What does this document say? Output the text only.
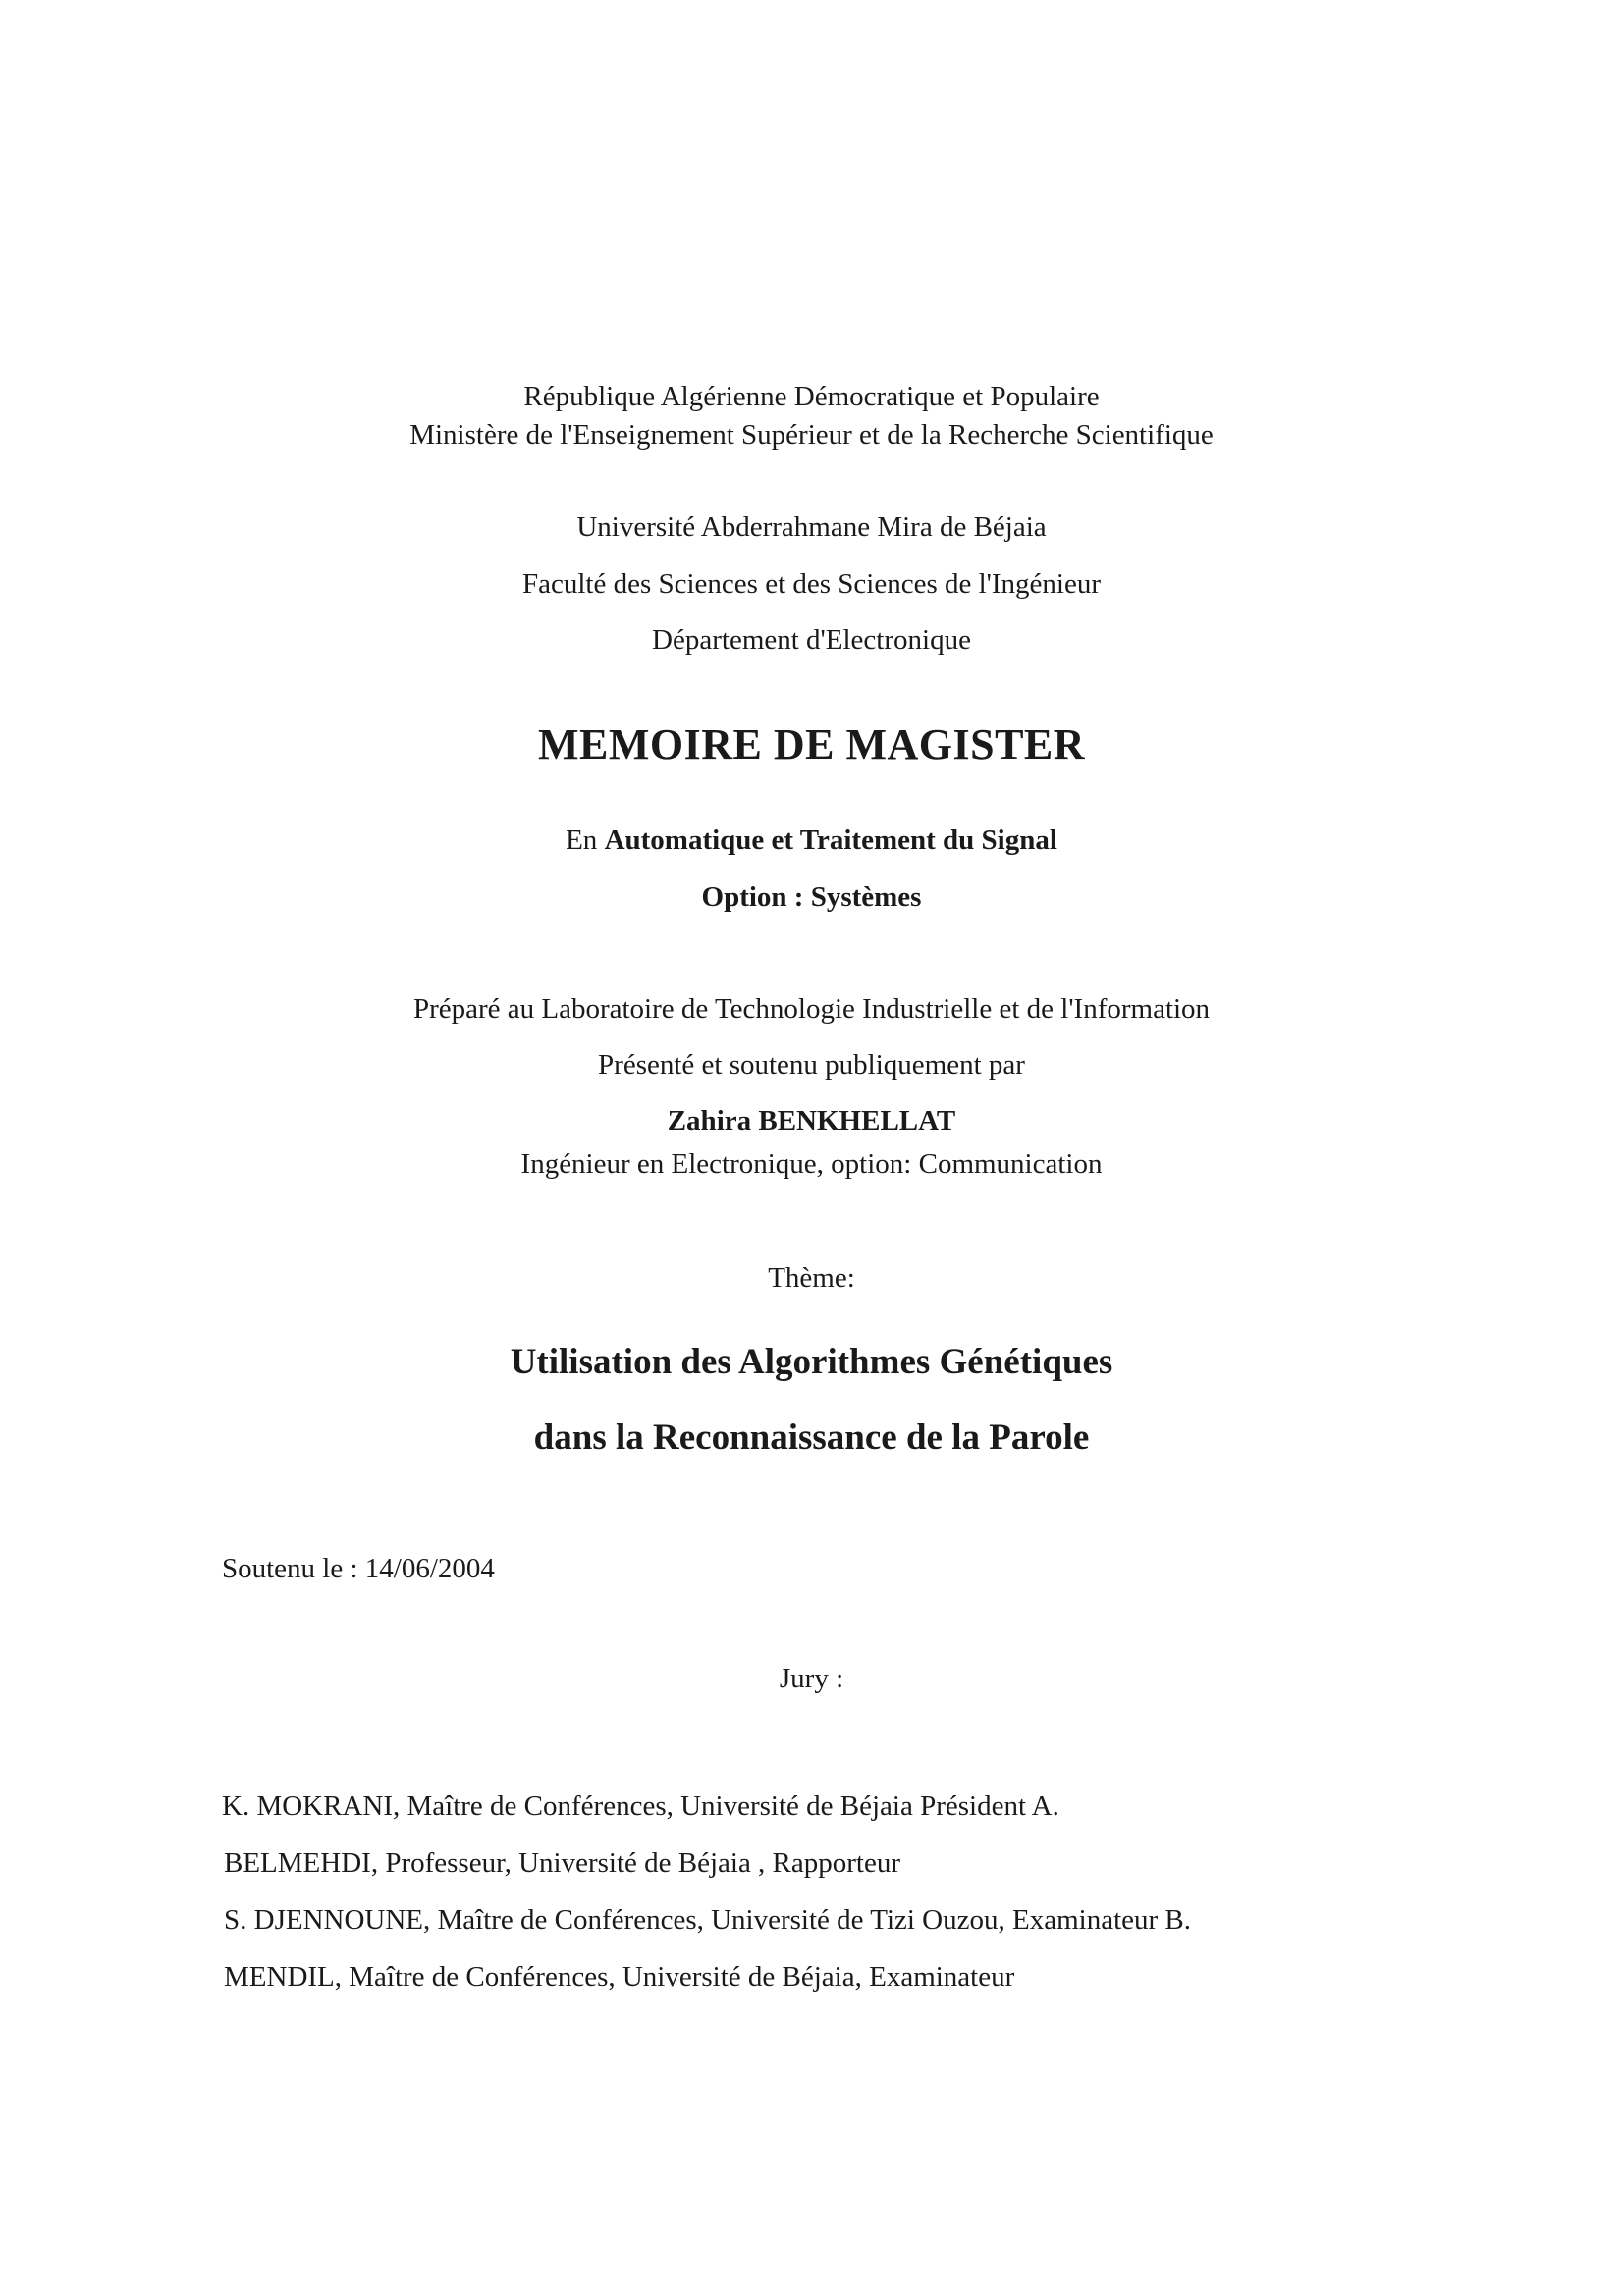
République Algérienne Démocratique et Populaire
Ministère de l'Enseignement Supérieur et de la Recherche Scientifique
Université Abderrahmane Mira de Béjaia
Faculté des Sciences et des Sciences de l'Ingénieur
Département d'Electronique
MEMOIRE DE MAGISTER
En Automatique et Traitement du Signal
Option : Systèmes
Préparé au Laboratoire de Technologie Industrielle et de l'Information
Présenté et soutenu publiquement par
Zahira BENKHELLAT
Ingénieur en Electronique, option: Communication
Thème:
Utilisation des Algorithmes Génétiques
dans la Reconnaissance de la Parole
Soutenu le : 14/06/2004
Jury :
K. MOKRANI, Maître de Conférences, Université de Béjaia Président A.
BELMEHDI, Professeur, Université de Béjaia , Rapporteur
S. DJENNOUNE, Maître de Conférences, Université de Tizi Ouzou, Examinateur B.
MENDIL, Maître de Conférences, Université de Béjaia, Examinateur
